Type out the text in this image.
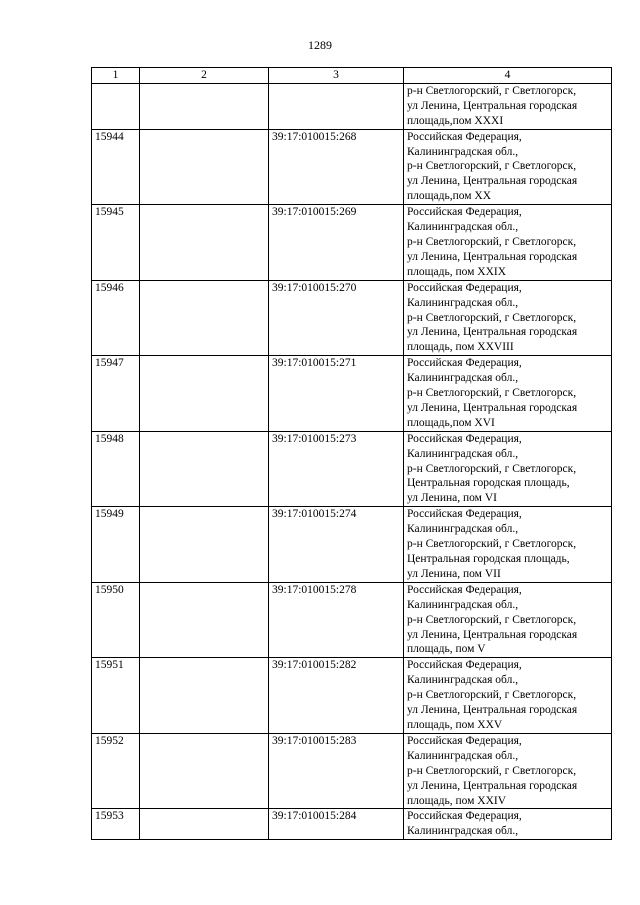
1289
1	2	3	4

			р-н Светлогорский, г Светлогорск,
ул Ленина, Центральная городская
площадь,пом XXXI

15944		39:17:010015:268	Российская Федерация,
Калининградская обл.,
р-н Светлогорский, г Светлогорск,
ул Ленина, Центральная городская
площадь,пом XX

15945		39:17:010015:269	Российская Федерация,
Калининградская обл.,
р-н Светлогорский, г Светлогорск,
ул Ленина, Центральная городская
площадь, пом XXIX

15946		39:17:010015:270	Российская Федерация,
Калининградская обл.,
р-н Светлогорский, г Светлогорск,
ул Ленина, Центральная городская
площадь, пом XXVIII

15947		39:17:010015:271	Российская Федерация,
Калининградская обл.,
р-н Светлогорский, г Светлогорск,
ул Ленина, Центральная городская
площадь,пом XVI

15948		39:17:010015:273	Российская Федерация,
Калининградская обл.,
р-н Светлогорский, г Светлогорск,
Центральная городская площадь,
ул Ленина, пом VI

15949		39:17:010015:274	Российская Федерация,
Калининградская обл.,
р-н Светлогорский, г Светлогорск,
Центральная городская площадь,
ул Ленина, пом VII

15950		39:17:010015:278	Российская Федерация,
Калининградская обл.,
р-н Светлогорский, г Светлогорск,
ул Ленина, Центральная городская
площадь, пом V

15951		39:17:010015:282	Российская Федерация,
Калининградская обл.,
р-н Светлогорский, г Светлогорск,
ул Ленина, Центральная городская
площадь, пом XXV

15952		39:17:010015:283	Российская Федерация,
Калининградская обл.,
р-н Светлогорский, г Светлогорск,
ул Ленина, Центральная городская
площадь, пом XXIV

15953		39:17:010015:284	Российская Федерация,
Калининградская обл.,
